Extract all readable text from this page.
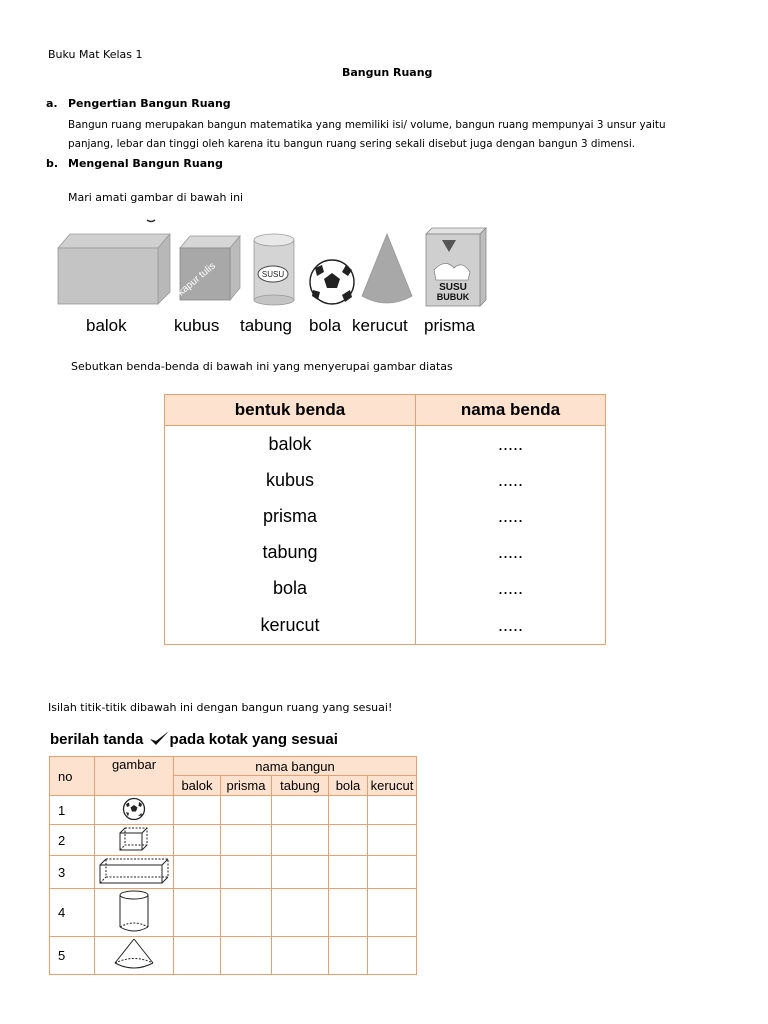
Buku Mat Kelas 1
Bangun Ruang
a. Pengertian Bangun Ruang
Bangun ruang merupakan bangun matematika yang memiliki isi/ volume, bangun ruang mempunyai 3 unsur yaitu
panjang, lebar dan tinggi oleh karena itu bangun ruang sering sekali disebut juga dengan bangun 3 dimensi.
b. Mengenal Bangun Ruang
Mari amati gambar di bawah ini
kapur tulis	SUSU
SUSU
BUBUK
balok	kubus tabung bola kerucut prisma
Sebutkan benda-benda di bawah ini yang menyerupai gambar diatas
bentuk benda	nama benda
balok	.....
kubus	.....
prisma	.....
tabung	.....
bola	.....
kerucut	.....
Isilah titik-titik dibawah ini dengan bangun ruang yang sesuai!
berilah tanda pada kotak yang sesuai
no	gambar	nama bangun				
		balok	prisma	tabung	bola	kerucut
1						
2						
3						
4						
5						
